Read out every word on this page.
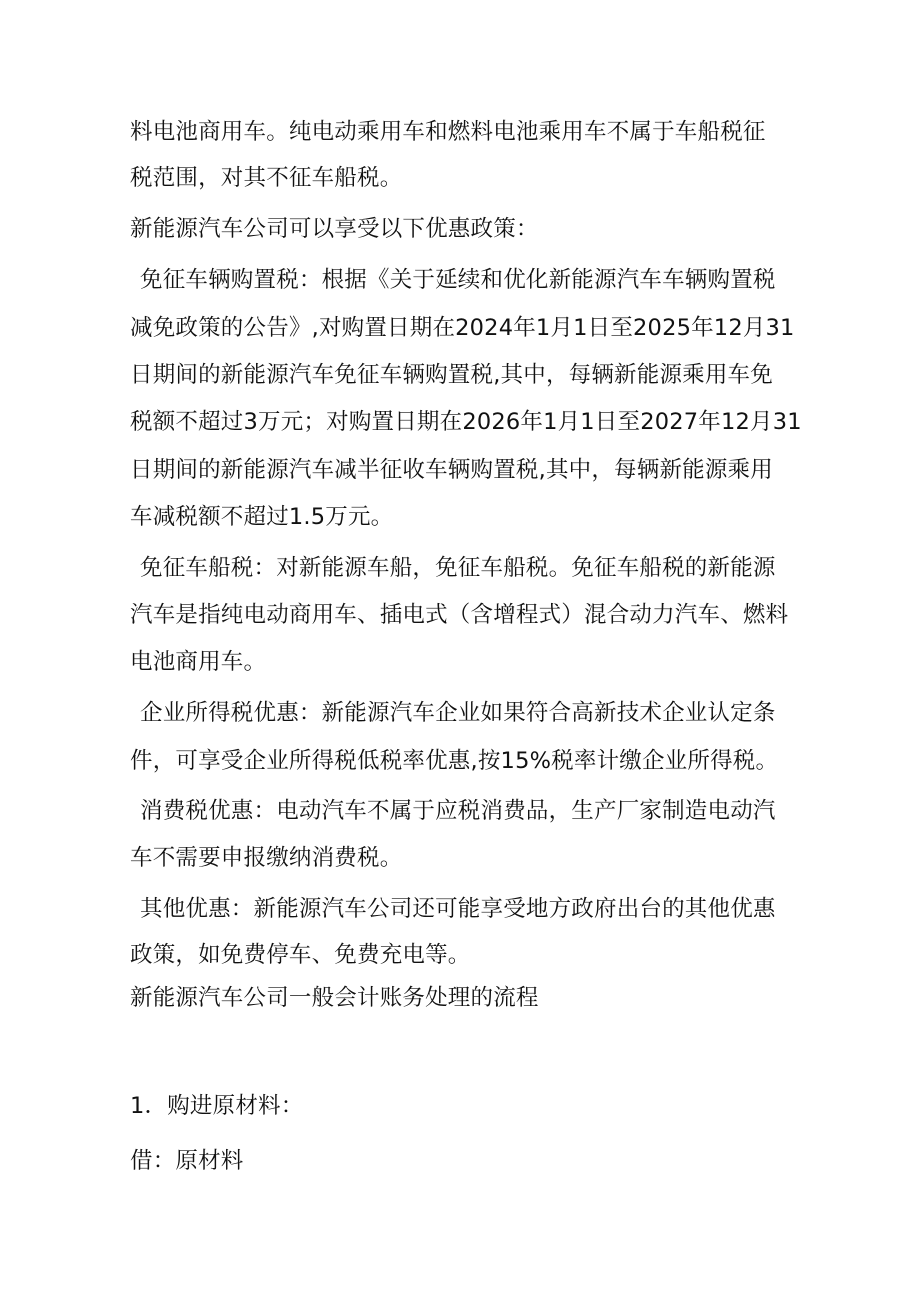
料电池商用车。纯电动乘用车和燃料电池乘用车不属于车船税征
税范围，对其不征车船税。
新能源汽车公司可以享受以下优惠政策：
免征车辆购置税：根据《关于延续和优化新能源汽车车辆购置税
减免政策的公告》,对购置日期在2024年1月1日至2025年12月31
日期间的新能源汽车免征车辆购置税,其中，每辆新能源乘用车免
税额不超过3万元；对购置日期在2026年1月1日至2027年12月31
日期间的新能源汽车减半征收车辆购置税,其中，每辆新能源乘用
车减税额不超过1.5万元。
免征车船税：对新能源车船，免征车船税。免征车船税的新能源
汽车是指纯电动商用车、插电式（含增程式）混合动力汽车、燃料
电池商用车。
企业所得税优惠：新能源汽车企业如果符合高新技术企业认定条
件，可享受企业所得税低税率优惠,按15%税率计缴企业所得税。
消费税优惠：电动汽车不属于应税消费品，生产厂家制造电动汽
车不需要申报缴纳消费税。
其他优惠：新能源汽车公司还可能享受地方政府出台的其他优惠
政策，如免费停车、免费充电等。
新能源汽车公司一般会计账务处理的流程
1．购进原材料：
借：原材料
